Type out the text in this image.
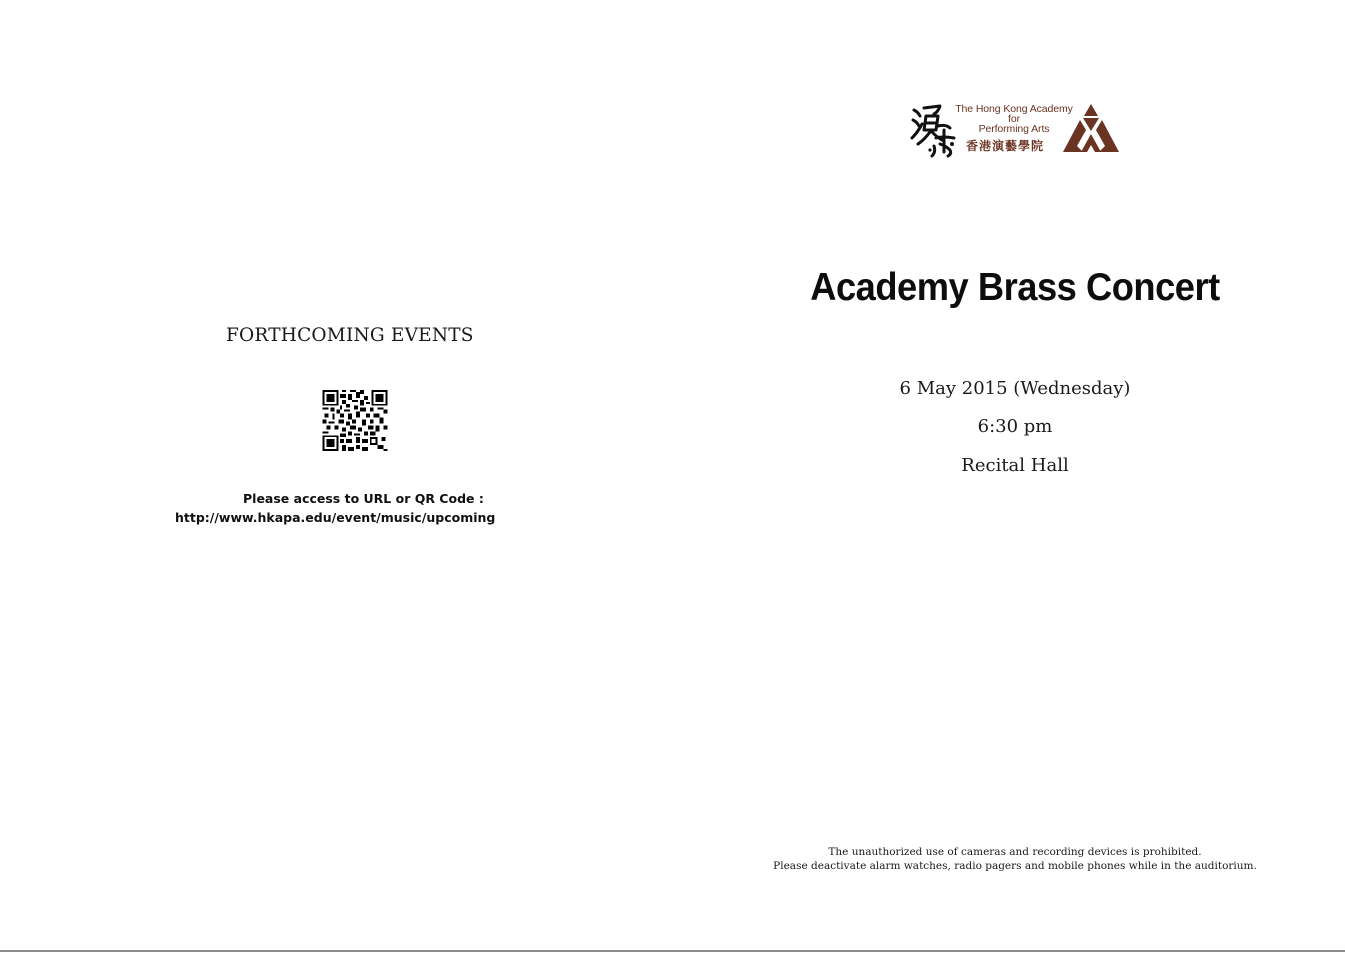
FORTHCOMING EVENTS

Please access to URL or QR Code :

http://www.hkapa.edu/event/music/upcoming

The Hong Kong Academy
for
Performing Arts
香港演藝學院
Academy Brass Concert

6 May 2015 (Wednesday)

6:30 pm

Recital Hall

The unauthorized use of cameras and recording devices is prohibited.
Please deactivate alarm watches, radio pagers and mobile phones while in the auditorium.
